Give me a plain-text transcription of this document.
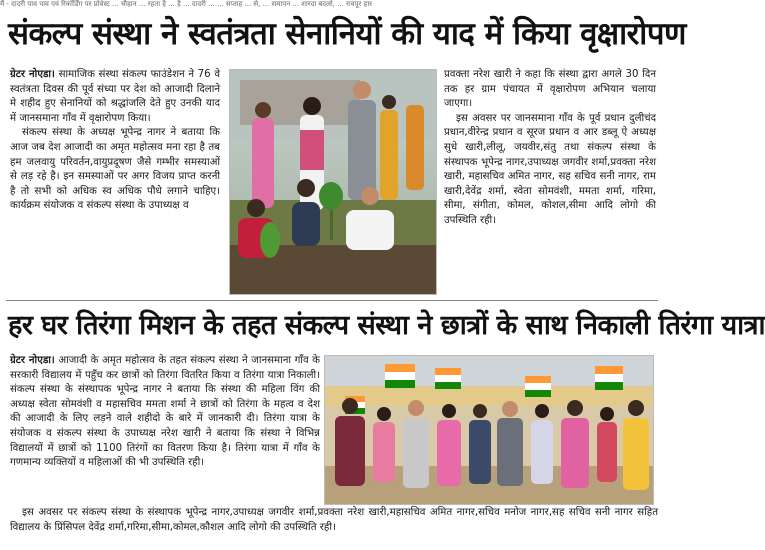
मैं - दादरी पाव पाव एवं रिकॉर्डिंग पर प्रोवेस्ट ... चौहान ... रहता है ... है ... दादरी ... ... सप्ताह ... से, ... समापन ... शारदा बदलो, ... रावपूर हार
संकल्प संस्था ने स्वतंत्रता सेनानियों की याद में किया वृक्षारोपण

ग्रेटर नोएडा। सामाजिक संस्था संकल्प फाउंडेशन ने 76 वे स्वतंत्रता दिवस की पूर्व संध्या पर देश को आजादी दिलाने मे शहीद हुए सेनानियों को श्रद्धांजलि देते हुए उनकी याद में जानसमाना गाँव में वृक्षारोपण किया।

संकल्प संस्था के अध्यक्ष भूपेन्द्र नागर ने बताया कि आज जब देश आजादी का अमृत महोत्सव मना रहा है तब हम जलवायु परिवर्तन,वायुप्रदूषण जैसे गम्भीर समस्याओं से लड़ रहे है। इन समस्याओं पर अगर विजय प्राप्त करनी है तो सभी को अधिक स्व अधिक पौधे लगाने चाहिए। कार्यक्रम संयोजक व संकल्प संस्था के उपाध्यक्ष व

प्रवक्ता नरेश खारी ने कहा कि संस्था द्वारा अगले 30 दिन तक हर ग्राम पंचायत में वृक्षारोपण अभियान चलाया जाएगा।

इस अवसर पर जानसमाना गाँव के पूर्व प्रधान दुलीचंद प्रधान,वीरेन्द्र प्रधान व सूरज प्रधान व आर डब्लू ऐ अध्यक्ष सुधे खारी,लीलू, जयवीर,संतु तथा संकल्प संस्था के संस्थापक भूपेन्द्र नागर,उपाध्यक्ष जगवीर शर्मा,प्रवक्ता नरेश खारी, महासचिव अमित नागर, सह सचिव सनी नागर, राम खारी,देवेंद्र शर्मा, स्वेता सोमवंशी, ममता शर्मा, गरिमा, सीमा, संगीता, कोमल, कोशल,सीमा आदि लोगो की उपस्थिति रही।

हर घर तिरंगा मिशन के तहत संकल्प संस्था ने छात्रों के साथ निकाली तिरंगा यात्रा

ग्रेटर नोएडा। आजादी के अमृत महोत्सव के तहत संकल्प संस्था ने जानसमाना गाँव के सरकारी विद्यालय में पहुँच कर छात्रों को तिरंगा वितरित किया व तिरंगा यात्रा निकाली। संकल्प संस्था के संस्थापक भूपेन्द्र नागर ने बताया कि संस्था की महिला विंग की अध्यक्ष स्वेता सोमवंशी व महासचिव ममता शर्मा ने छात्रों को तिरंगा के महत्व व देश की आजादी के लिए लड़ने वाले शहीदो के बारे में जानकारी दी। तिरंगा यात्रा के संयोजक व संकल्प संस्था के उपाध्यक्ष नरेश खारी ने बताया कि संस्था ने विभिन्न विद्यालयों में छात्रों को 1100 तिरंगों का वितरण किया है। तिरंगा यात्रा में गाँव के गणमान्य व्यक्तियों व महिलाओं की भी उपस्थिति रही।

इस अवसर पर संकल्प संस्था के संस्थापक भूपेन्द्र नागर,उपाध्यक्ष जगवीर शर्मा,प्रवक्ता नरेश खारी,महासचिव अमित नागर,सचिव मनोज नागर,सह सचिव सनी नागर सहित विद्यालय के प्रिंसिपल देवेंद्र शर्मा,गरिमा,सीमा,कोमल,कौशल आदि लोगो की उपस्थिति रही।
